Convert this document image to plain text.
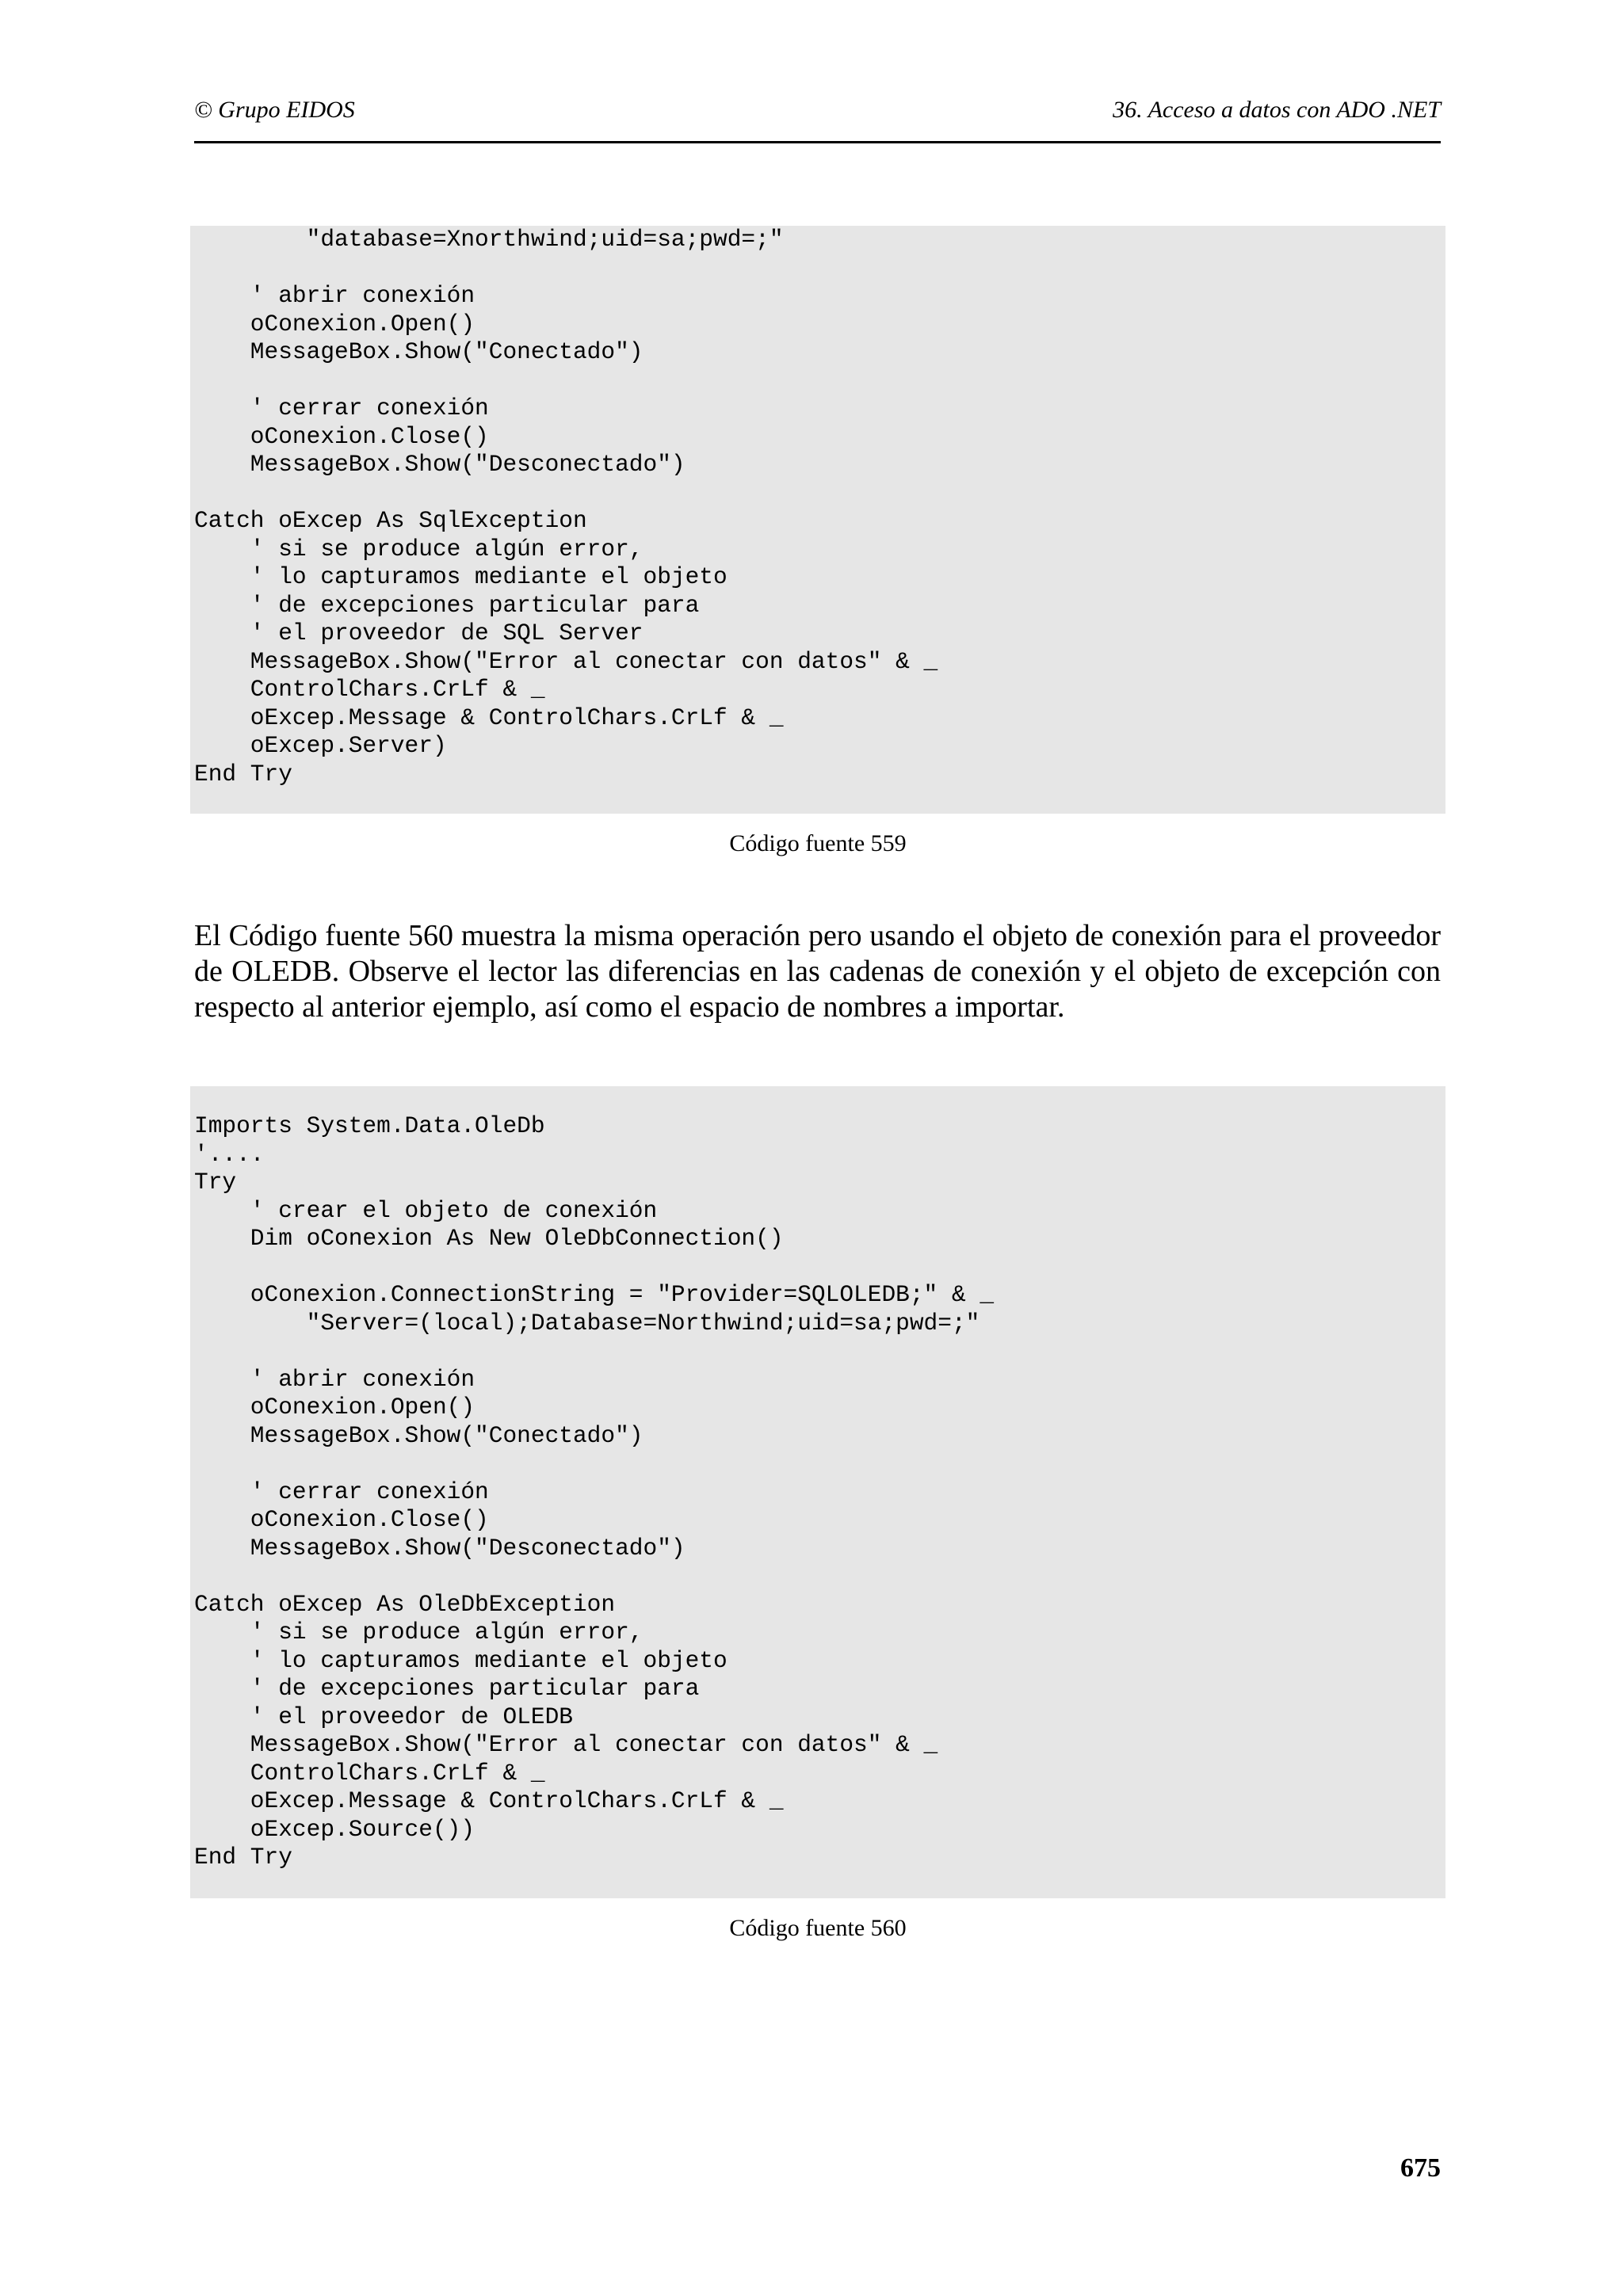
© Grupo EIDOS	36. Acceso a datos con ADO .NET
"database=Xnorthwind;uid=sa;pwd=;"

' abrir conexión
oConexion.Open()
MessageBox.Show("Conectado")

' cerrar conexión
oConexion.Close()
MessageBox.Show("Desconectado")

Catch oExcep As SqlException
' si se produce algún error,
' lo capturamos mediante el objeto
' de excepciones particular para
' el proveedor de SQL Server
MessageBox.Show("Error al conectar con datos" & _
ControlChars.CrLf & _
oExcep.Message & ControlChars.CrLf & _
oExcep.Server)
End Try
Código fuente 559

El Código fuente 560 muestra la misma operación pero usando el objeto de conexión para el proveedor de OLEDB. Observe el lector las diferencias en las cadenas de conexión y el objeto de excepción con respecto al anterior ejemplo, así como el espacio de nombres a importar.

Imports System.Data.OleDb
'....
Try
' crear el objeto de conexión
Dim oConexion As New OleDbConnection()

oConexion.ConnectionString = "Provider=SQLOLEDB;" & _
"Server=(local);Database=Northwind;uid=sa;pwd=;"

' abrir conexión
oConexion.Open()
MessageBox.Show("Conectado")

' cerrar conexión
oConexion.Close()
MessageBox.Show("Desconectado")

Catch oExcep As OleDbException
' si se produce algún error,
' lo capturamos mediante el objeto
' de excepciones particular para
' el proveedor de OLEDB
MessageBox.Show("Error al conectar con datos" & _
ControlChars.CrLf & _
oExcep.Message & ControlChars.CrLf & _
oExcep.Source())
End Try
Código fuente 560
675
